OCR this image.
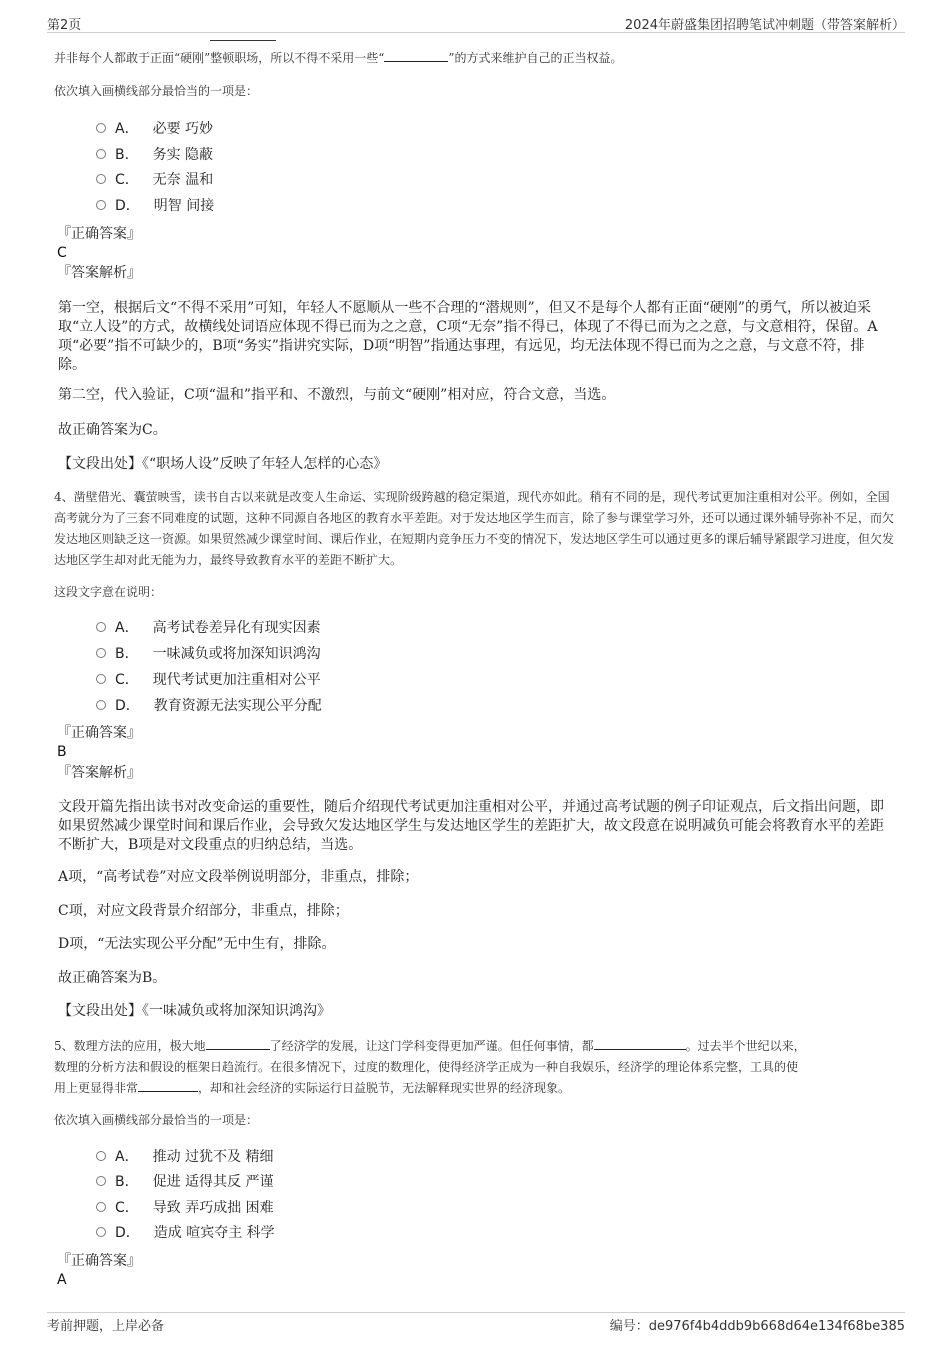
第2页	2024年蔚盛集团招聘笔试冲刺题（带答案解析）

并非每个人都敢于正面“硬刚”整顿职场，所以不得不采用一些“	”的方式来维护自己的正当权益。

依次填入画横线部分最恰当的一项是：

A． 必要 巧妙
B． 务实 隐蔽
C． 无奈 温和
D． 明智 间接
『正确答案』
C
『答案解析』

第一空，根据后文“不得不采用”可知，年轻人不愿顺从一些不合理的“潜规则”，但又不是每个人都有正面“硬刚”的勇气，所以被迫采取“立人设”的方式，故横线处词语应体现不得已而为之之意，C项“无奈”指不得已，体现了不得已而为之之意，与文意相符，保留。A项“必要”指不可缺少的，B项“务实”指讲究实际，D项“明智”指通达事理，有远见，均无法体现不得已而为之之意，与文意不符，排除。

第二空，代入验证，C项“温和”指平和、不激烈，与前文“硬刚”相对应，符合文意，当选。

故正确答案为C。

【文段出处】《“职场人设”反映了年轻人怎样的心态》

4、凿壁借光、囊萤映雪，读书自古以来就是改变人生命运、实现阶级跨越的稳定渠道，现代亦如此。稍有不同的是，现代考试更加注重相对公平。例如，全国高考就分为了三套不同难度的试题，这种不同源自各地区的教育水平差距。对于发达地区学生而言，除了参与课堂学习外，还可以通过课外辅导弥补不足，而欠发达地区则缺乏这一资源。如果贸然减少课堂时间、课后作业，在短期内竞争压力不变的情况下，发达地区学生可以通过更多的课后辅导紧跟学习进度，但欠发达地区学生却对此无能为力，最终导致教育水平的差距不断扩大。

这段文字意在说明：

A． 高考试卷差异化有现实因素
B． 一味减负或将加深知识鸿沟
C． 现代考试更加注重相对公平
D． 教育资源无法实现公平分配
『正确答案』
B
『答案解析』

文段开篇先指出读书对改变命运的重要性，随后介绍现代考试更加注重相对公平，并通过高考试题的例子印证观点，后文指出问题，即如果贸然减少课堂时间和课后作业，会导致欠发达地区学生与发达地区学生的差距扩大，故文段意在说明减负可能会将教育水平的差距不断扩大，B项是对文段重点的归纳总结，当选。

A项，“高考试卷”对应文段举例说明部分，非重点，排除；

C项，对应文段背景介绍部分，非重点，排除；

D项，“无法实现公平分配”无中生有，排除。

故正确答案为B。

【文段出处】《一味减负或将加深知识鸿沟》

5、数理方法的应用，极大地	了经济学的发展，让这门学科变得更加严谨。但任何事情，都	。过去半个世纪以来，
数理的分析方法和假设的框架日趋流行。在很多情况下，过度的数理化，使得经济学正成为一种自我娱乐，经济学的理论体系完整，工具的使
用上更显得非常	，却和社会经济的实际运行日益脱节，无法解释现实世界的经济现象。

依次填入画横线部分最恰当的一项是：

A． 推动 过犹不及 精细
B． 促进 适得其反 严谨
C． 导致 弄巧成拙 困难
D． 造成 喧宾夺主 科学
『正确答案』
A
考前押题，上岸必备	编号：de976f4b4ddb9b668d64e134f68be385
